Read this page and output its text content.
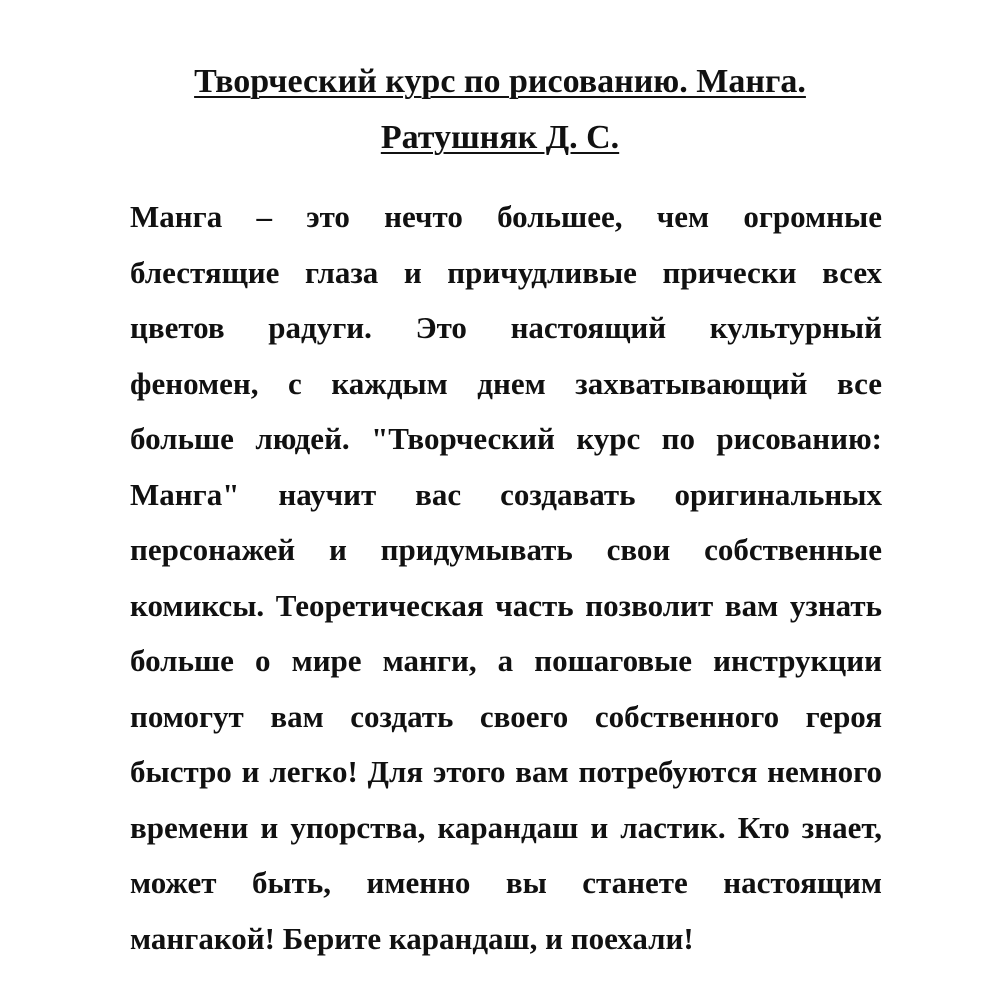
Творческий курс по рисованию. Манга.
Ратушняк Д. С.
Манга – это нечто большее, чем огромные
блестящие глаза и причудливые прически всех
цветов радуги. Это настоящий культурный
феномен, с каждым днем захватывающий все
больше людей. "Творческий курс по рисованию:
Манга" научит вас создавать оригинальных
персонажей и придумывать свои собственные
комиксы. Теоретическая часть позволит вам узнать
больше о мире манги, а пошаговые инструкции
помогут вам создать своего собственного героя
быстро и легко! Для этого вам потребуются немного
времени и упорства, карандаш и ластик. Кто знает,
может быть, именно вы станете настоящим
мангакой! Берите карандаш, и поехали!
